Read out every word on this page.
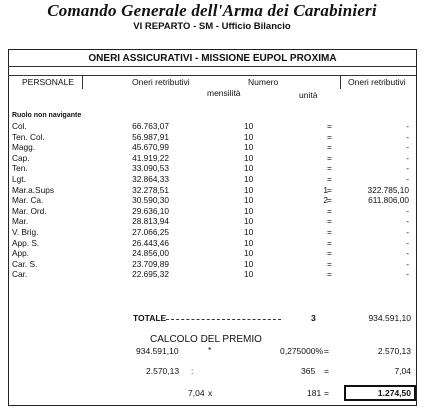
Comando Generale dell'Arma dei Carabinieri
VI REPARTO - SM - Ufficio Bilancio
ONERI ASSICURATIVI - MISSIONE EUPOL PROXIMA
PERSONALE	Oneri retributivi	Numero
mensilità	unità
Oneri retributivi
Ruolo non navigante
Col.	66.763,07	10	=	-
Ten. Col.	56.987,91	10	=	-
Magg.	45.670,99	10	=	-
Cap.	41.919,22	10	=	-
Ten.	33.090,53	10	=	-
Lgt.	32.864,33	10	=	-
Mar.a.Sups	32.278,51	10	1 =	322.785,10
Mar. Ca.	30.590,30	10	2 =	611.806,00
Mar. Ord.	29.636,10	10	=	-
Mar.	28.813,94	10	=	-
V. Brig.	27.066,25	10	=	-
App. S.	26.443,46	10	=	-
App.	24.856,00	10	=	-
Car. S.	23.709,89	10	=	-
Car.	22.695,32	10	=	-
TOTALE	3	934.591,10
CALCOLO DEL PREMIO
934.591,10	*	0,275000% =	2.570,13
2.570,13 :	365 =	7,04
7,04 x	181 =	1.274,50
